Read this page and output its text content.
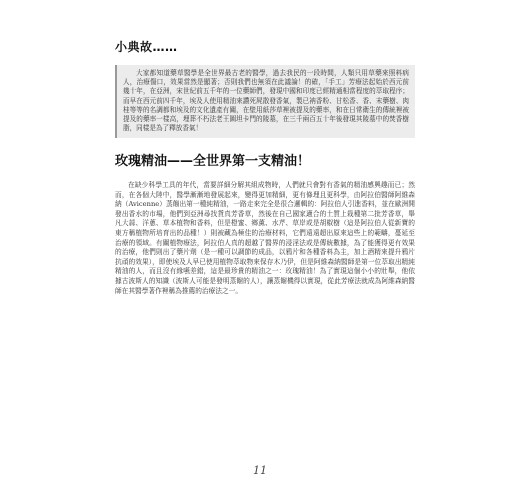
小典故……
大家都知道藥草醫學是全世界最古老的醫學，過去我民的一段時間，人類只用草藥來照料病人，治療傷口，效果當然是顯著；否則我們也無須在此議論！的確，「手工」芳療法起始於西元前幾十年，在亞洲，宋世紀前五千年的一位藥師們，發現中國和印度已經精通相當程度的萃取程序；而早在西元前四千年，埃及人使用精油來讚死屍散發香氣，製已衲香粉、甘松香、香、末藥樹、肉桂等等的名調都和埃及的文化遺產有關，在壁用紙莎草裡被提及的藥率，和在日常衛生的傳統裡被提及的藥率一樣高，埋葬不朽法老王圖坦卡門的陵墓，在三千兩百五十年後發現其陵墓中的焚香樹脂，同樣是為了釋放香氣！
玫瑰精油——全世界第一支精油！

在缺少科學工具的年代，當要詳細分解其組成物時，人們就只會對有香氣的精油感興趣而已；然而，在各個大陸中，醫學漸漸地發展起來，變得更加精細，更有條理且更科學，由阿拉伯醫師阿維森納（Avicenne）蒸餾出第一種純精油，一路走來完全是很合邏輯的：阿拉伯人引進香料，並在歐洲開發出香水的市場，他們到亞洲尋找貨真芳香草，然後在自己國家適合的土質上栽種第二批芳香草，舉凡大蒜、洋蔥、草本植物和香料，但是橙蜜、鄉薰、水芹、草岸或是胡椒樹（這是阿拉伯人從新寶的東方稱植物所培育出的品種！）則被藏為極佳的治療材料，它們遠遠超出原來這些上的範疇，蔓延至治療的領域。有關植物療法，阿拉伯人真的超越了醫界的浸淫法或是傳統數據，為了能獲得更有效果的治療，他們則出了藥片劑（是一種可以調節的成品，以鴉片和各種香料為主，加上酒精來提升鴉片抗頑的效果），即使埃及人早已使用植物萃取物來保存木乃伊，但是阿維森納醫師是第一位萃取出精純精油的人，而且沒有緣嚥差錯，這是最珍貴的精油之一：玫瑰精油！為了實現這個小小的壯舉，他依據古波斯人的知識（波斯人可能是發明蒸餾的人），讓蒸餾機得以實現，從此芳療法就成為阿維森納醫師在其醫學著作裡稱為推薦的治療法之一。

11
